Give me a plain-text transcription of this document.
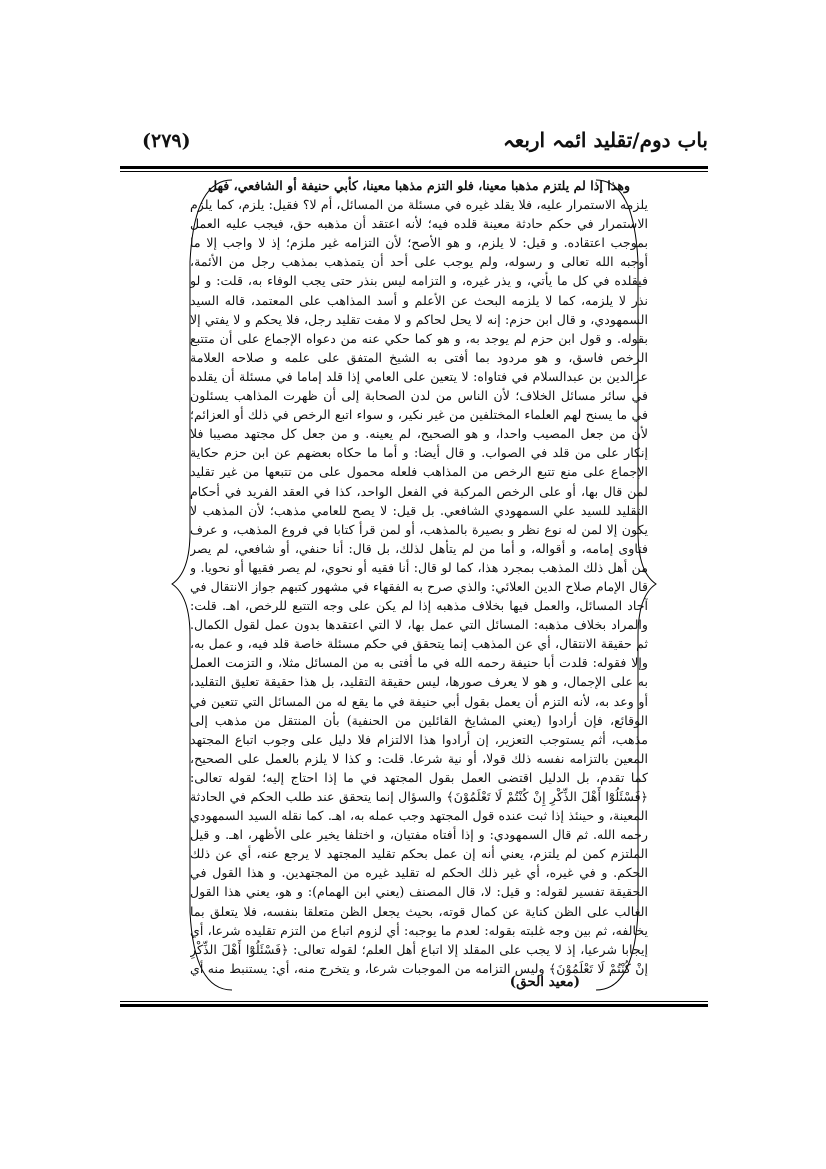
باب دوم/تقلید ائمہ اربعہ
(۲۷۹)

وهذا إذا لم يلتزم مذهبا معينا، فلو التزم مذهبا معينا، كأبي حنيفة أو الشافعي، فهل

يلزمه الاستمرار عليه، فلا يقلد غيره في مسئلة من المسائل، أم لا؟ فقيل: يلزم، كما يلزم الاستمرار في حكم حادثة معينة قلده فيه؛ لأنه اعتقد أن مذهبه حق، فيجب عليه العمل بموجب اعتقاده. و قيل: لا يلزم، و هو الأصح؛ لأن التزامه غير ملزم؛ إذ لا واجب إلا ما أوجبه الله تعالى و رسوله، ولم يوجب على أحد أن يتمذهب بمذهب رجل من الأئمة، فيقلده في كل ما يأتي، و يذر غيره، و التزامه ليس بنذر حتى يجب الوفاء به، قلت: و لو نذر لا يلزمه، كما لا يلزمه البحث عن الأعلم و أسد المذاهب على المعتمد، قاله السيد السمهودي، و قال ابن حزم: إنه لا يحل لحاكم و لا مفت تقليد رجل، فلا يحكم و لا يفتي إلا بقوله. و قول ابن حزم لم يوجد به، و هو كما حكي عنه من دعواه الإجماع على أن متتبع الرخص فاسق، و هو مردود بما أفتى به الشيخ المتفق على علمه و صلاحه العلامة عزالدين بن عبدالسلام في فتاواه: لا يتعين على العامي إذا قلد إماما في مسئلة أن يقلده في سائر مسائل الخلاف؛ لأن الناس من لدن الصحابة إلى أن ظهرت المذاهب يسئلون في ما يسنح لهم العلماء المختلفين من غير نكير، و سواء اتبع الرخص في ذلك أو العزائم؛ لأن من جعل المصيب واحدا، و هو الصحيح، لم يعينه. و من جعل كل مجتهد مصيبا فلا إنكار على من قلد في الصواب. و قال أيضا: و أما ما حكاه بعضهم عن ابن حزم حكاية الإجماع على منع تتبع الرخص من المذاهب فلعله محمول على من تتبعها من غير تقليد لمن قال بها، أو على الرخص المركبة في الفعل الواحد، كذا في العقد الفريد في أحكام التقليد للسيد علي السمهودي الشافعي. بل قيل: لا يصح للعامي مذهب؛ لأن المذهب لا يكون إلا لمن له نوع نظر و بصيرة بالمذهب، أو لمن قرأ كتابا في فروع المذهب، و عرف فتاوى إمامه، و أقواله، و أما من لم يتأهل لذلك، بل قال: أنا حنفي، أو شافعي، لم يصر من أهل ذلك المذهب بمجرد هذا، كما لو قال: أنا فقيه أو نحوي، لم يصر فقيها أو نحويا. و قال الإمام صلاح الدين العلائي: والذي صرح به الفقهاء في مشهور كتبهم جواز الانتقال في آحاد المسائل، والعمل فيها بخلاف مذهبه إذا لم يكن على وجه التتبع للرخص، اهـ. قلت: والمراد بخلاف مذهبه: المسائل التي عمل بها، لا التي اعتقدها بدون عمل لقول الكمال. ثم حقيقة الانتقال، أي عن المذهب إنما يتحقق في حكم مسئلة خاصة قلد فيه، و عمل به، وإلا فقوله: قلدت أبا حنيفة رحمه الله في ما أفتى به من المسائل مثلا، و التزمت العمل به على الإجمال، و هو لا يعرف صورها، ليس حقيقة التقليد، بل هذا حقيقة تعليق التقليد، أو وعد به، لأنه التزم أن يعمل بقول أبي حنيفة في ما يقع له من المسائل التي تتعين في الوقائع، فإن أرادوا (يعني المشايخ القائلين من الحنفية) بأن المنتقل من مذهب إلى مذهب، أثم يستوجب التعزير، إن أرادوا هذا الالتزام فلا دليل على وجوب اتباع المجتهد المعين بالتزامه نفسه ذلك قولا، أو نية شرعا. قلت: و كذا لا يلزم بالعمل على الصحيح، كما تقدم، بل الدليل اقتضى العمل بقول المجتهد في ما إذا احتاج إليه؛ لقوله تعالى: ﴿فَسْئَلُوْٓا أَهْلَ الذِّكْرِ إِنْ كُنْتُمْ لَا تَعْلَمُوْنَ﴾ والسؤال إنما يتحقق عند طلب الحكم في الحادثة المعينة، و حينئذ إذا ثبت عنده قول المجتهد وجب عمله به، اهـ. كما نقله السيد السمهودي رحمه الله. ثم قال السمهودي: و إذا أفتاه مفتيان، و اختلفا يخير على الأظهر، اهـ. و قيل الملتزم كمن لم يلتزم، يعني أنه إن عمل بحكم تقليد المجتهد لا يرجع عنه، أي عن ذلك الحكم. و في غيره، أي غير ذلك الحكم له تقليد غيره من المجتهدين. و هذا القول في الحقيقة تفسير لقوله: و قيل: لا، قال المصنف (يعني ابن الهمام): و هو، يعني هذا القول الغالب على الظن كناية عن كمال قوته، بحيث يجعل الظن متعلقا بنفسه، فلا يتعلق بما يخالفه، ثم بين وجه غلبته بقوله: لعدم ما يوجبه: أي لزوم اتباع من التزم تقليده شرعا، أي إيجابا شرعيا، إذ لا يجب على المقلد إلا اتباع أهل العلم؛ لقوله تعالى: ﴿فَسْئَلُوْٓا أَهْلَ الذِّكْرِ إِنْ كُنْتُمْ لَا تَعْلَمُوْنَ﴾ وليس التزامه من الموجبات شرعا، و يتخرج منه، أي: يستنبط منه أي

(معید الحق)
